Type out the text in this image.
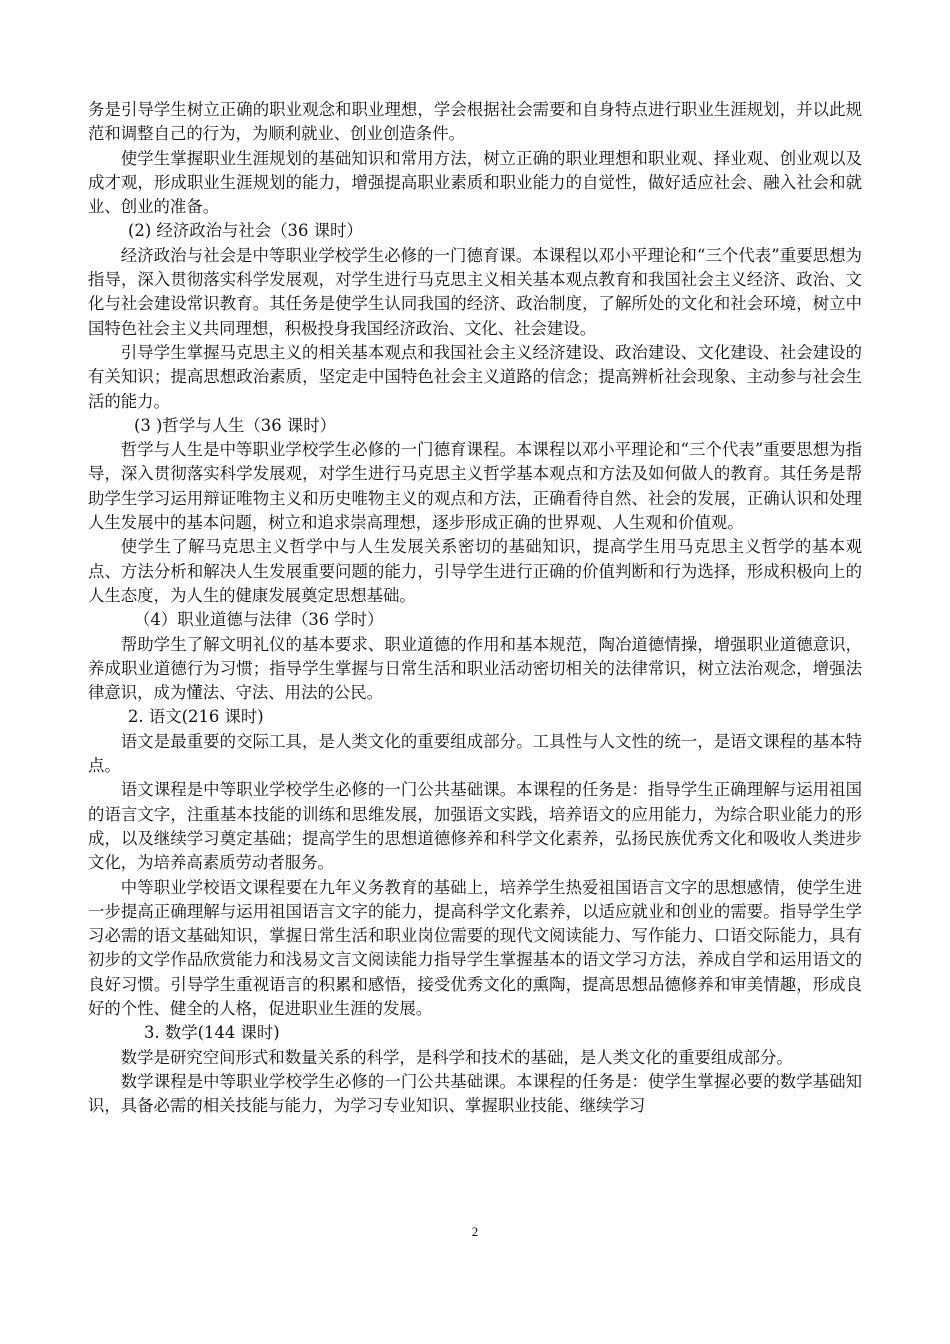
务是引导学生树立正确的职业观念和职业理想，学会根据社会需要和自身特点进行职业生涯规划，并以此规范和调整自己的行为，为顺利就业、创业创造条件。

使学生掌握职业生涯规划的基础知识和常用方法，树立正确的职业理想和职业观、择业观、创业观以及成才观，形成职业生涯规划的能力，增强提高职业素质和职业能力的自觉性，做好适应社会、融入社会和就业、创业的准备。

(2) 经济政治与社会（36 课时）

经济政治与社会是中等职业学校学生必修的一门德育课。本课程以邓小平理论和“三个代表”重要思想为指导，深入贯彻落实科学发展观，对学生进行马克思主义相关基本观点教育和我国社会主义经济、政治、文化与社会建设常识教育。其任务是使学生认同我国的经济、政治制度，了解所处的文化和社会环境，树立中国特色社会主义共同理想，积极投身我国经济政治、文化、社会建设。

引导学生掌握马克思主义的相关基本观点和我国社会主义经济建设、政治建设、文化建设、社会建设的有关知识；提高思想政治素质，坚定走中国特色社会主义道路的信念；提高辨析社会现象、主动参与社会生活的能力。

(3 )哲学与人生（36 课时）

哲学与人生是中等职业学校学生必修的一门德育课程。本课程以邓小平理论和“三个代表”重要思想为指导，深入贯彻落实科学发展观，对学生进行马克思主义哲学基本观点和方法及如何做人的教育。其任务是帮助学生学习运用辩证唯物主义和历史唯物主义的观点和方法，正确看待自然、社会的发展，正确认识和处理人生发展中的基本问题，树立和追求崇高理想，逐步形成正确的世界观、人生观和价值观。

使学生了解马克思主义哲学中与人生发展关系密切的基础知识，提高学生用马克思主义哲学的基本观点、方法分析和解决人生发展重要问题的能力，引导学生进行正确的价值判断和行为选择，形成积极向上的人生态度，为人生的健康发展奠定思想基础。

（4）职业道德与法律（36 学时）

帮助学生了解文明礼仪的基本要求、职业道德的作用和基本规范，陶冶道德情操，增强职业道德意识，养成职业道德行为习惯；指导学生掌握与日常生活和职业活动密切相关的法律常识，树立法治观念，增强法律意识，成为懂法、守法、用法的公民。

2. 语文(216 课时)

语文是最重要的交际工具，是人类文化的重要组成部分。工具性与人文性的统一，是语文课程的基本特点。

语文课程是中等职业学校学生必修的一门公共基础课。本课程的任务是：指导学生正确理解与运用祖国的语言文字，注重基本技能的训练和思维发展，加强语文实践，培养语文的应用能力，为综合职业能力的形成，以及继续学习奠定基础；提高学生的思想道德修养和科学文化素养，弘扬民族优秀文化和吸收人类进步文化，为培养高素质劳动者服务。

中等职业学校语文课程要在九年义务教育的基础上，培养学生热爱祖国语言文字的思想感情，使学生进一步提高正确理解与运用祖国语言文字的能力，提高科学文化素养，以适应就业和创业的需要。指导学生学习必需的语文基础知识，掌握日常生活和职业岗位需要的现代文阅读能力、写作能力、口语交际能力，具有初步的文学作品欣赏能力和浅易文言文阅读能力指导学生掌握基本的语文学习方法，养成自学和运用语文的良好习惯。引导学生重视语言的积累和感悟，接受优秀文化的熏陶，提高思想品德修养和审美情趣，形成良好的个性、健全的人格，促进职业生涯的发展。

3. 数学(144 课时)

数学是研究空间形式和数量关系的科学，是科学和技术的基础，是人类文化的重要组成部分。

数学课程是中等职业学校学生必修的一门公共基础课。本课程的任务是：使学生掌握必要的数学基础知识，具备必需的相关技能与能力，为学习专业知识、掌握职业技能、继续学习

2
